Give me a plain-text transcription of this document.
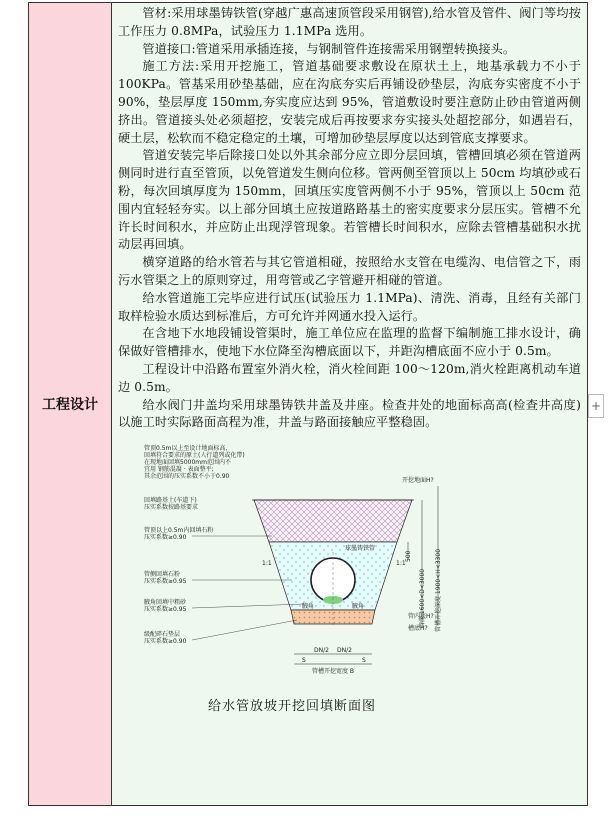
工程设计

管材:采用球墨铸铁管(穿越广惠高速顶管段采用钢管),给水管及管件、阀门等均按工作压力 0.8MPa，试验压力 1.1MPa 选用。

管道接口:管道采用承插连接，与钢制管件连接需采用钢塑转换接头。

施工方法:采用开挖施工，管道基础要求敷设在原状土上，地基承载力不小于 100KPa。管基采用砂垫基础，应在沟底夯实后再铺设砂垫层，沟底夯实密度不小于 90%，垫层厚度 150mm,夯实度应达到 95%，管道敷设时要注意防止砂由管道两侧挤出。管道接头处必须超挖，安装完成后再按要求夯实接头处超挖部分，如遇岩石，硬土层，松软而不稳定稳定的土壤，可增加砂垫层厚度以达到管底支撑要求。

管道安装完毕后除接口处以外其余部分应立即分层回填，管槽回填必须在管道两侧同时进行直至管顶，以免管道发生侧向位移。管两侧至管顶以上 50cm 均填砂或石粉，每次回填厚度为 150mm，回填压实度管两侧不小于 95%，管顶以上 50cm 范围内宜轻轻夯实。以上部分回填土应按道路路基土的密实度要求分层压实。管槽不允许长时间积水，并应防止出现浮管现象。若管槽长时间积水，应除去管槽基础积水扰动层再回填。

横穿道路的给水管若与其它管道相碰，按照给水支管在电缆沟、电信管之下，雨污水管渠之上的原则穿过，用弯管或乙字管避开相碰的管道。

给水管道施工完毕应进行试压(试验压力 1.1MPa)、清洗、消毒，且经有关部门取样检验水质达到标准后，方可允许并网通水投入运行。

在含地下水地段铺设管渠时，施工单位应在监理的监督下编制施工排水设计，确保做好管槽排水，使地下水位降至沟槽底面以下，并距沟槽底面不应小于 0.5m。

工程设计中沿路布置室外消火栓，消火栓间距 100～120m,消火栓距离机动车道边 0.5m。

给水阀门井盖均采用球墨铸铁井盖及井座。检查井处的地面标高高(检查井高度)以施工时实际路面高程为准，井盖与路面接触应平整稳固。

管顶0.5m以上至设计地面标高，回填符合要求的原土(人行道列或化带)在现地面回填5000mm范围内不宜用 钢筋混凝 · 表面整平;其余范围的压实系数不小于0.90
回填路基土(车道下)压实系数按路基要求
管顶以上0.5m内回填石粉压实系数≥0.90
管侧回填石粉压实系数≥0.95
腋角回填中粗砂压实系数≥0.95
级配碎石垫层压实系数≥0.90
球墨铸铁管
腋角	腋角
1:1	1:1
500
管深 1600<D<3000 管槽开挖深度 1900<H<3300
开挖地面H?
管内底H?
槽底H?
DN/2 DN/2
S	S
管槽开挖宽度 B
给水管放坡开挖回填断面图
+
